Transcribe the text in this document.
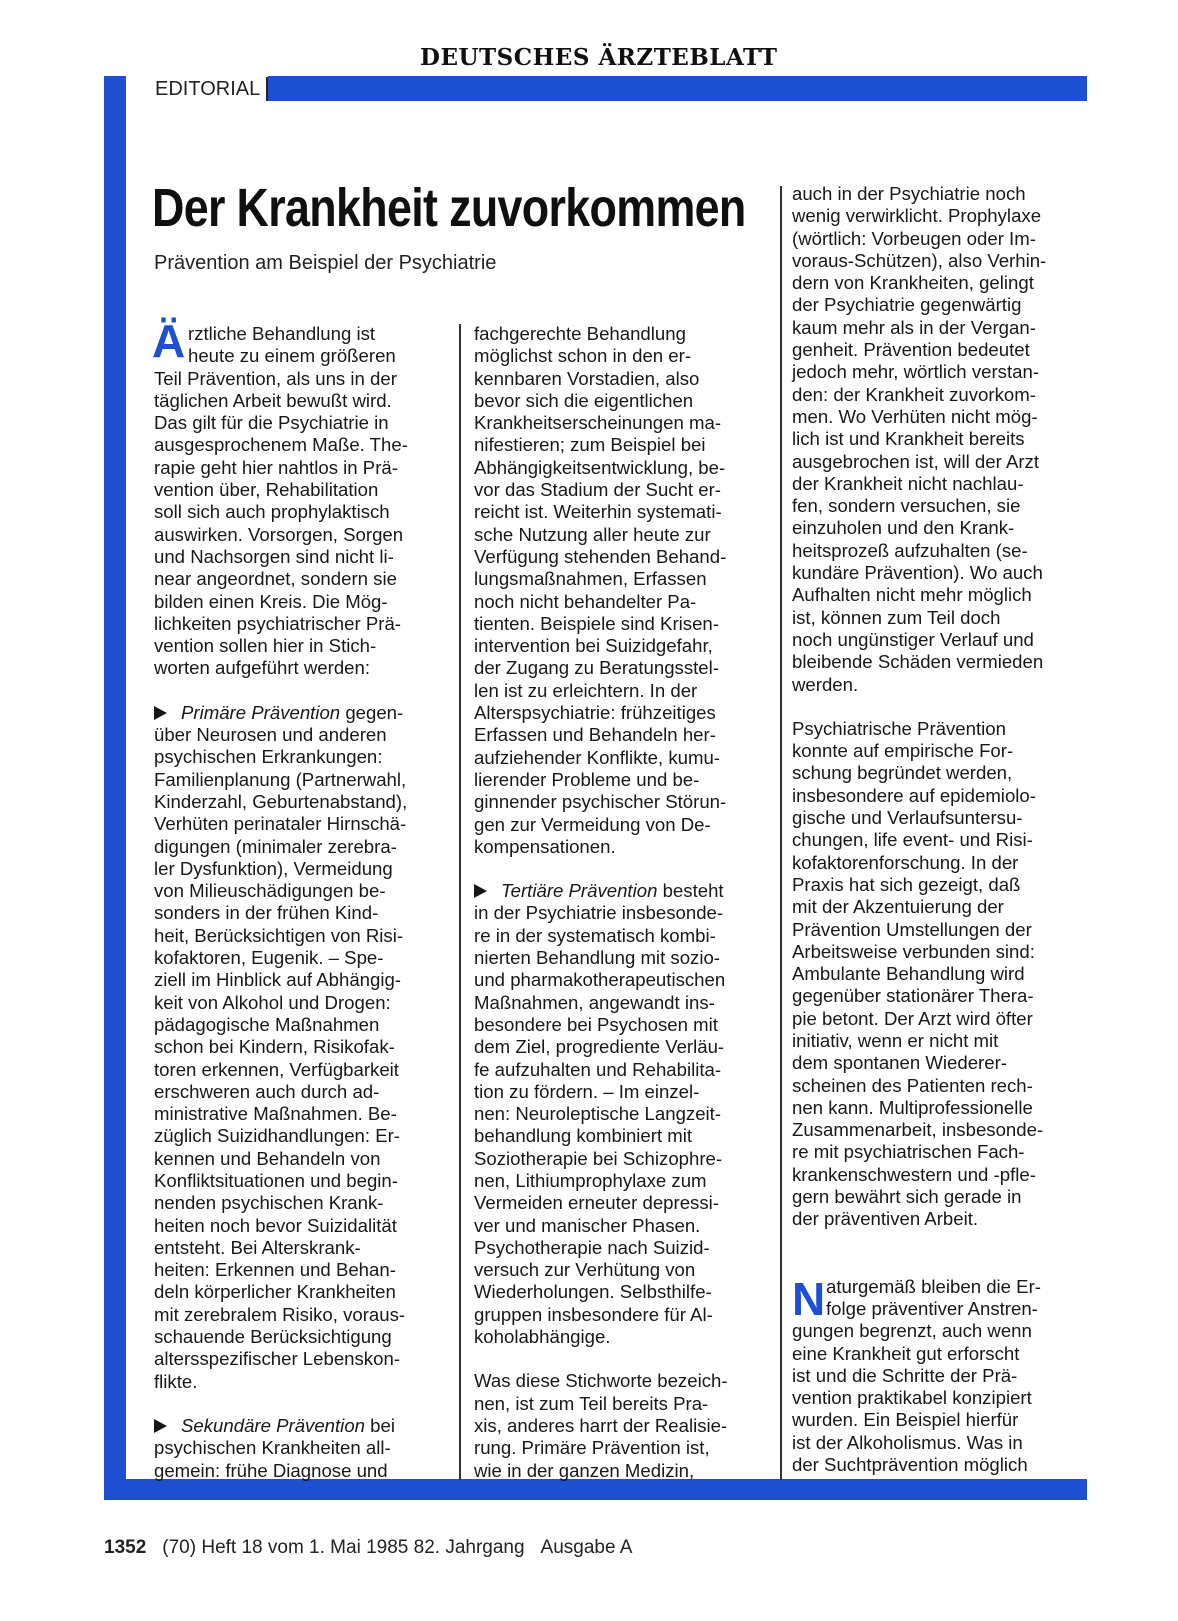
DEUTSCHES ÄRZTEBLATT
EDITORIAL
Der Krankheit zuvorkommen
Prävention am Beispiel der Psychiatrie
Ä rztliche Behandlung ist
heute zu einem größeren
Teil Prävention, als uns in der
täglichen Arbeit bewußt wird.
Das gilt für die Psychiatrie in
ausgesprochenem Maße. The-
rapie geht hier nahtlos in Prä-
vention über, Rehabilitation
soll sich auch prophylaktisch
auswirken. Vorsorgen, Sorgen
und Nachsorgen sind nicht li-
near angeordnet, sondern sie
bilden einen Kreis. Die Mög-
lichkeiten psychiatrischer Prä-
vention sollen hier in Stich-
worten aufgeführt werden:

Primäre Prävention gegen-

über Neurosen und anderen
psychischen Erkrankungen:
Familienplanung (Partnerwahl,
Kinderzahl, Geburtenabstand),
Verhüten perinataler Hirnschä-
digungen (minimaler zerebra-
ler Dysfunktion), Vermeidung
von Milieuschädigungen be-
sonders in der frühen Kind-
heit, Berücksichtigen von Risi-
kofaktoren, Eugenik. – Spe-
ziell im Hinblick auf Abhängig-
keit von Alkohol und Drogen:
pädagogische Maßnahmen
schon bei Kindern, Risikofak-
toren erkennen, Verfügbarkeit
erschweren auch durch ad-
ministrative Maßnahmen. Be-
züglich Suizidhandlungen: Er-
kennen und Behandeln von
Konfliktsituationen und begin-
nenden psychischen Krank-
heiten noch bevor Suizidalität
entsteht. Bei Alterskrank-
heiten: Erkennen und Behan-
deln körperlicher Krankheiten
mit zerebralem Risiko, voraus-
schauende Berücksichtigung
altersspezifischer Lebenskon-
flikte.

Sekundäre Prävention bei

psychischen Krankheiten all-
gemein: frühe Diagnose und
fachgerechte Behandlung
möglichst schon in den er-
kennbaren Vorstadien, also
bevor sich die eigentlichen
Krankheitserscheinungen ma-
nifestieren; zum Beispiel bei
Abhängigkeitsentwicklung, be-
vor das Stadium der Sucht er-
reicht ist. Weiterhin systemati-
sche Nutzung aller heute zur
Verfügung stehenden Behand-
lungsmaßnahmen, Erfassen
noch nicht behandelter Pa-
tienten. Beispiele sind Krisen-
intervention bei Suizidgefahr,
der Zugang zu Beratungsstel-
len ist zu erleichtern. In der
Alterspsychiatrie: frühzeitiges
Erfassen und Behandeln her-
aufziehender Konflikte, kumu-
lierender Probleme und be-
ginnender psychischer Störun-
gen zur Vermeidung von De-
kompensationen.

Tertiäre Prävention besteht

in der Psychiatrie insbesonde-
re in der systematisch kombi-
nierten Behandlung mit sozio-
und pharmakotherapeutischen
Maßnahmen, angewandt ins-
besondere bei Psychosen mit
dem Ziel, progrediente Verläu-
fe aufzuhalten und Rehabilita-
tion zu fördern. – Im einzel-
nen: Neuroleptische Langzeit-
behandlung kombiniert mit
Soziotherapie bei Schizophre-
nen, Lithiumprophylaxe zum
Vermeiden erneuter depressi-
ver und manischer Phasen.
Psychotherapie nach Suizid-
versuch zur Verhütung von
Wiederholungen. Selbsthilfe-
gruppen insbesondere für Al-
koholabhängige.
Was diese Stichworte bezeich-
nen, ist zum Teil bereits Pra-
xis, anderes harrt der Realisie-
rung. Primäre Prävention ist,
wie in der ganzen Medizin,
N
auch in der Psychiatrie noch
wenig verwirklicht. Prophylaxe
(wörtlich: Vorbeugen oder Im-
voraus-Schützen), also Verhin-
dern von Krankheiten, gelingt
der Psychiatrie gegenwärtig
kaum mehr als in der Vergan-
genheit. Prävention bedeutet
jedoch mehr, wörtlich verstan-
den: der Krankheit zuvorkom-
men. Wo Verhüten nicht mög-
lich ist und Krankheit bereits
ausgebrochen ist, will der Arzt
der Krankheit nicht nachlau-
fen, sondern versuchen, sie
einzuholen und den Krank-
heitsprozeß aufzuhalten (se-
kundäre Prävention). Wo auch
Aufhalten nicht mehr möglich
ist, können zum Teil doch
noch ungünstiger Verlauf und
bleibende Schäden vermieden
werden.
Psychiatrische Prävention
konnte auf empirische For-
schung begründet werden,
insbesondere auf epidemiolo-
gische und Verlaufsuntersu-
chungen, life event- und Risi-
kofaktorenforschung. In der
Praxis hat sich gezeigt, daß
mit der Akzentuierung der
Prävention Umstellungen der
Arbeitsweise verbunden sind:
Ambulante Behandlung wird
gegenüber stationärer Thera-
pie betont. Der Arzt wird öfter
initiativ, wenn er nicht mit
dem spontanen Wiederer-
scheinen des Patienten rech-
nen kann. Multiprofessionelle
Zusammenarbeit, insbesonde-
re mit psychiatrischen Fach-
krankenschwestern und -pfle-
gern bewährt sich gerade in
der präventiven Arbeit.
aturgemäß bleiben die Er-
folge präventiver Anstren-
gungen begrenzt, auch wenn
eine Krankheit gut erforscht
ist und die Schritte der Prä-
vention praktikabel konzipiert
wurden. Ein Beispiel hierfür
ist der Alkoholismus. Was in
der Suchtprävention möglich
1352 (70) Heft 18 vom 1. Mai 1985 82. Jahrgang Ausgabe A
